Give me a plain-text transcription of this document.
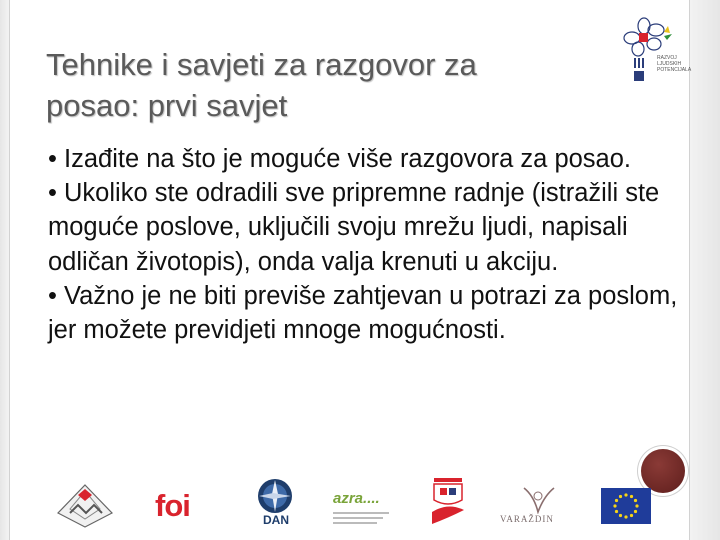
Tehnike i savjeti za razgovor za
posao: prvi savjet

• Izađite na što je moguće više razgovora za posao.

• Ukoliko ste odradili sve pripremne radnje (istražili ste moguće poslove, uključili svoju mrežu ljudi, napisali odličan životopis), onda valja krenuti u akciju.

• Važno je ne biti previše zahtjevan u potrazi za poslom, jer možete previdjeti mnoge mogućnosti.

RAZVOJ
LJUDSKIH
POTENCIJALA
foi	DAN
azra....
VARAŽDIN
